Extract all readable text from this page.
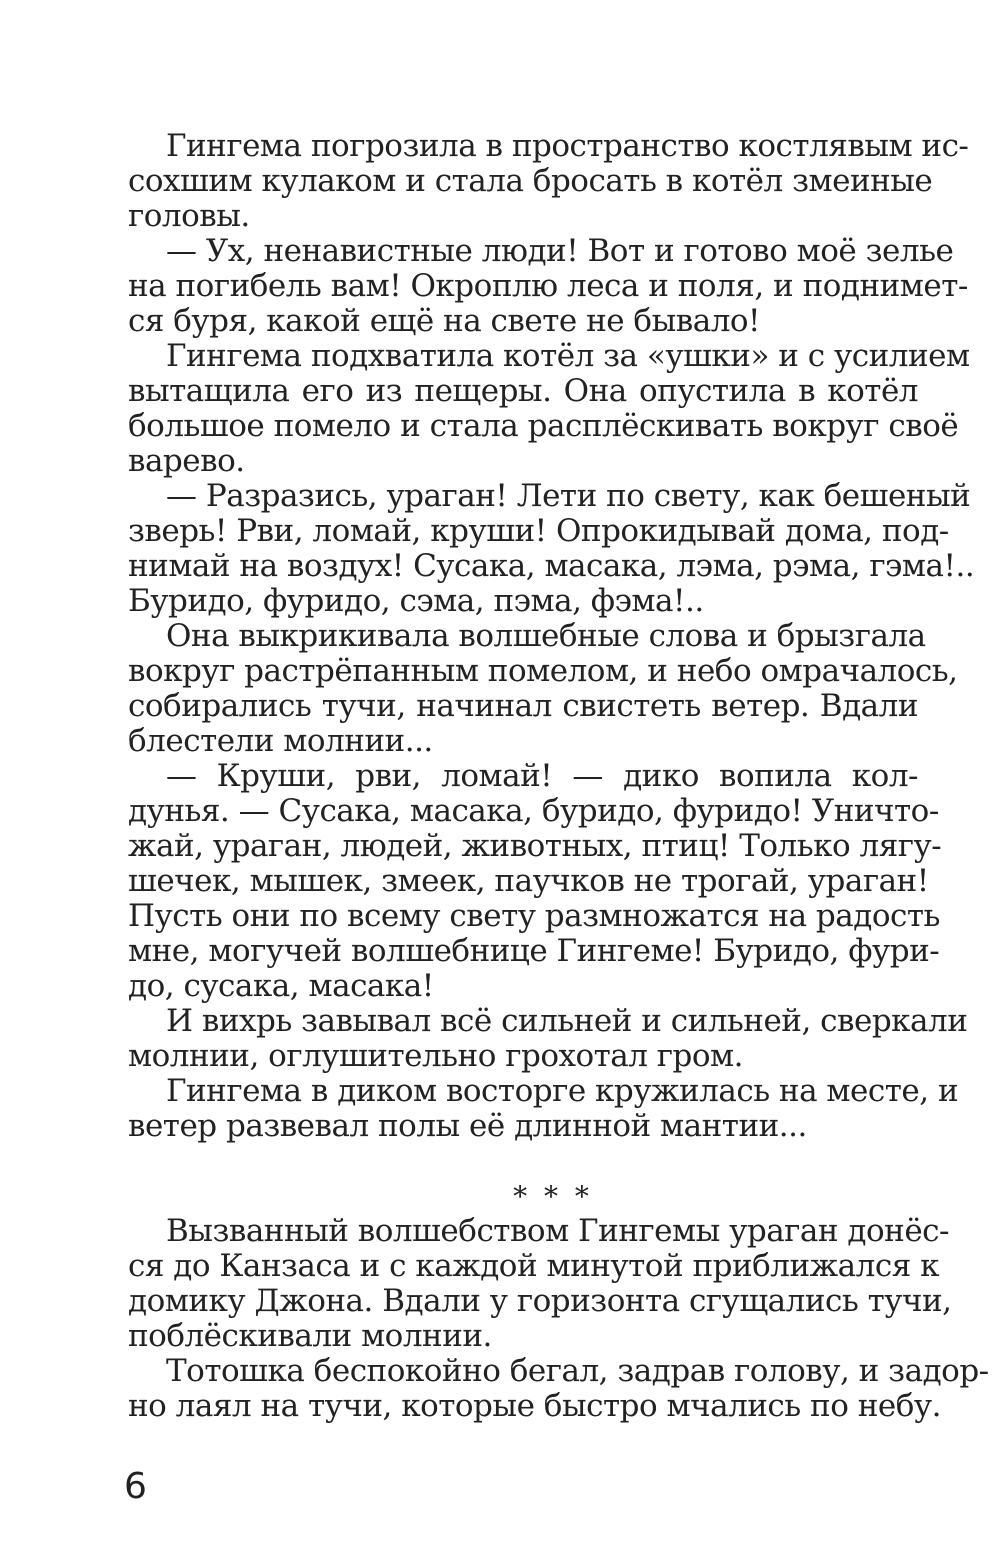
Гингема погрозила в пространство костлявым ис-
сохшим кулаком и стала бросать в котёл змеиные
головы.
— Ух, ненавистные люди! Вот и готово моё зелье
на погибель вам! Окроплю леса и поля, и поднимет-
ся буря, какой ещё на свете не бывало!
Гингема подхватила котёл за «ушки» и с усилием
вытащила его из пещеры. Она опустила в котёл
большое помело и стала расплёскивать вокруг своё
варево.
— Разразись, ураган! Лети по свету, как бешеный
зверь! Рви, ломай, круши! Опрокидывай дома, под-
нимай на воздух! Сусака, масака, лэма, рэма, гэма!..
Буридо, фуридо, сэма, пэма, фэма!..
Она выкрикивала волшебные слова и брызгала
вокруг растрёпанным помелом, и небо омрачалось,
собирались тучи, начинал свистеть ветер. Вдали
блестели молнии...
— Круши, рви, ломай! — дико вопила кол-
дунья. — Сусака, масака, буридо, фуридо! Уничто-
жай, ураган, людей, животных, птиц! Только лягу-
шечек, мышек, змеек, паучков не трогай, ураган!
Пусть они по всему свету размножатся на радость
мне, могучей волшебнице Гингеме! Буридо, фури-
до, сусака, масака!
И вихрь завывал всё сильней и сильней, сверкали
молнии, оглушительно грохотал гром.
Гингема в диком восторге кружилась на месте, и
ветер развевал полы её длинной мантии...
* * *
Вызванный волшебством Гингемы ураган донёс-
ся до Канзаса и с каждой минутой приближался к
домику Джона. Вдали у горизонта сгущались тучи,
поблёскивали молнии.
Тотошка беспокойно бегал, задрав голову, и задор-
но лаял на тучи, которые быстро мчались по небу.
6
